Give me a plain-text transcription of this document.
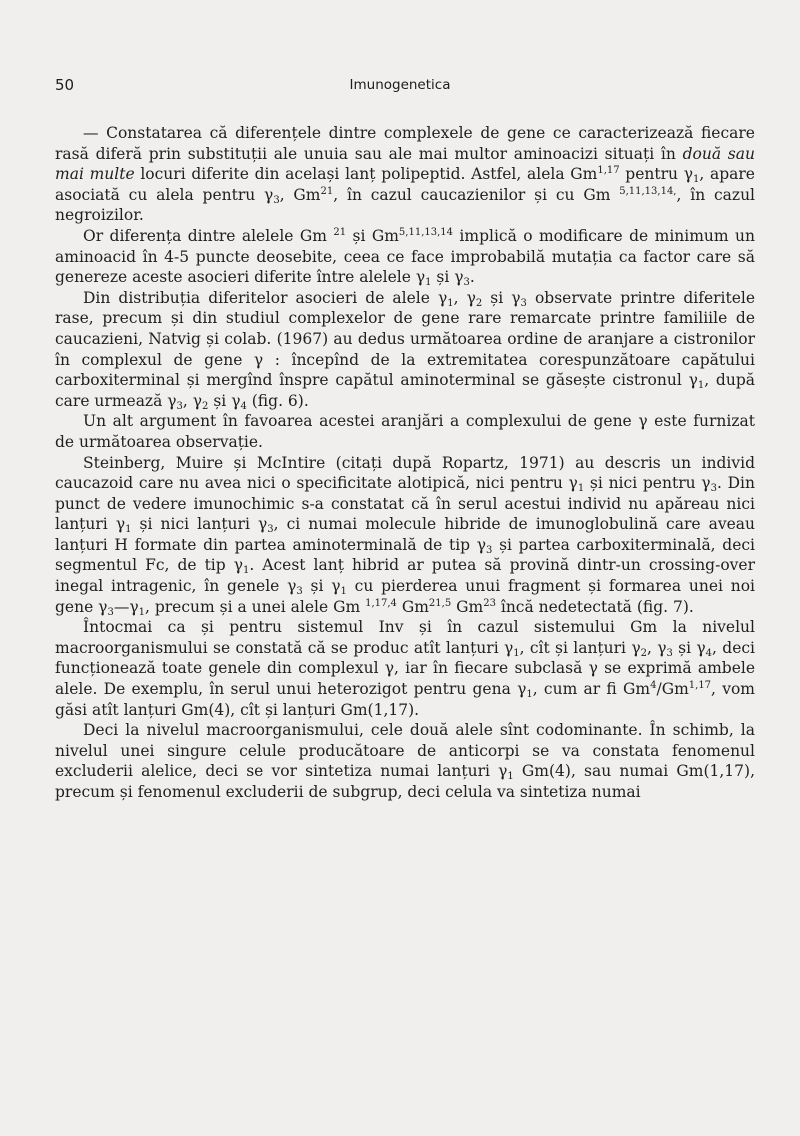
50	Imunogenetica

— Constatarea că diferențele dintre complexele de gene ce caracterizează fiecare rasă diferă prin substituții ale unuia sau ale mai multor aminoacizi situați în două sau mai multe locuri diferite din același lanț polipeptid. Astfel, alela Gm$^{1,17}$ pentru $\gamma_1$, apare asociată cu alela pentru $\gamma_3$, Gm$^{21}$, în cazul caucazienilor și cu Gm $^{5,11,13,14,}$, în cazul negroizilor.

Or diferența dintre alelele Gm $^{21}$ și Gm$^{5,11,13,14}$ implică o modificare de minimum un aminoacid în 4-5 puncte deosebite, ceea ce face improbabilă mutația ca factor care să genereze aceste asocieri diferite între alelele $\gamma_1$ și $\gamma_3$.

Din distribuția diferitelor asocieri de alele $\gamma_1$, $\gamma_2$ și $\gamma_3$ observate printre diferitele rase, precum și din studiul complexelor de gene rare remarcate printre familiile de caucazieni, Natvig și colab. (1967) au dedus următoarea ordine de aranjare a cistronilor în complexul de gene γ : începînd de la extremitatea corespunzătoare capătului carboxiterminal și mergînd înspre capătul aminoterminal se găsește cistronul $\gamma_1$, după care urmează $\gamma_3$, $\gamma_2$ și $\gamma_4$ (fig. 6).

Un alt argument în favoarea acestei aranjări a complexului de gene γ este furnizat de următoarea observație.

Steinberg, Muire și McIntire (citați după Ropartz, 1971) au descris un individ caucazoid care nu avea nici o specificitate alotipică, nici pentru $\gamma_1$ și nici pentru $\gamma_3$. Din punct de vedere imunochimic s-a constatat că în serul acestui individ nu apăreau nici lanțuri $\gamma_1$ și nici lanțuri $\gamma_3$, ci numai molecule hibride de imunoglobulină care aveau lanțuri H formate din partea aminoterminală de tip $\gamma_3$ și partea carboxiterminală, deci segmentul Fc, de tip $\gamma_1$. Acest lanț hibrid ar putea să provină dintr-un crossing-over inegal intragenic, în genele $\gamma_3$ și $\gamma_1$ cu pierderea unui fragment și formarea unei noi gene $\gamma_3—\gamma_1$, precum și a unei alele Gm $^{1,17,4}$ Gm$^{21,5}$ Gm$^{23}$ încă nedetectată (fig. 7).

Întocmai ca și pentru sistemul Inv și în cazul sistemului Gm la nivelul macroorganismului se constată că se produc atît lanțuri $\gamma_1$, cît și lanțuri $\gamma_2$, $\gamma_3$ și $\gamma_4$, deci funcționează toate genele din complexul γ, iar în fiecare subclasă γ se exprimă ambele alele. De exemplu, în serul unui heterozigot pentru gena $\gamma_1$, cum ar fi Gm$^4$/Gm$^{1,17}$, vom găsi atît lanțuri Gm(4), cît și lanțuri Gm(1,17).

Deci la nivelul macroorganismului, cele două alele sînt codominante. În schimb, la nivelul unei singure celule producătoare de anticorpi se va constata fenomenul excluderii alelice, deci se vor sintetiza numai lanțuri $\gamma_1$ Gm(4), sau numai Gm(1,17), precum și fenomenul excluderii de subgrup, deci celula va sintetiza numai
